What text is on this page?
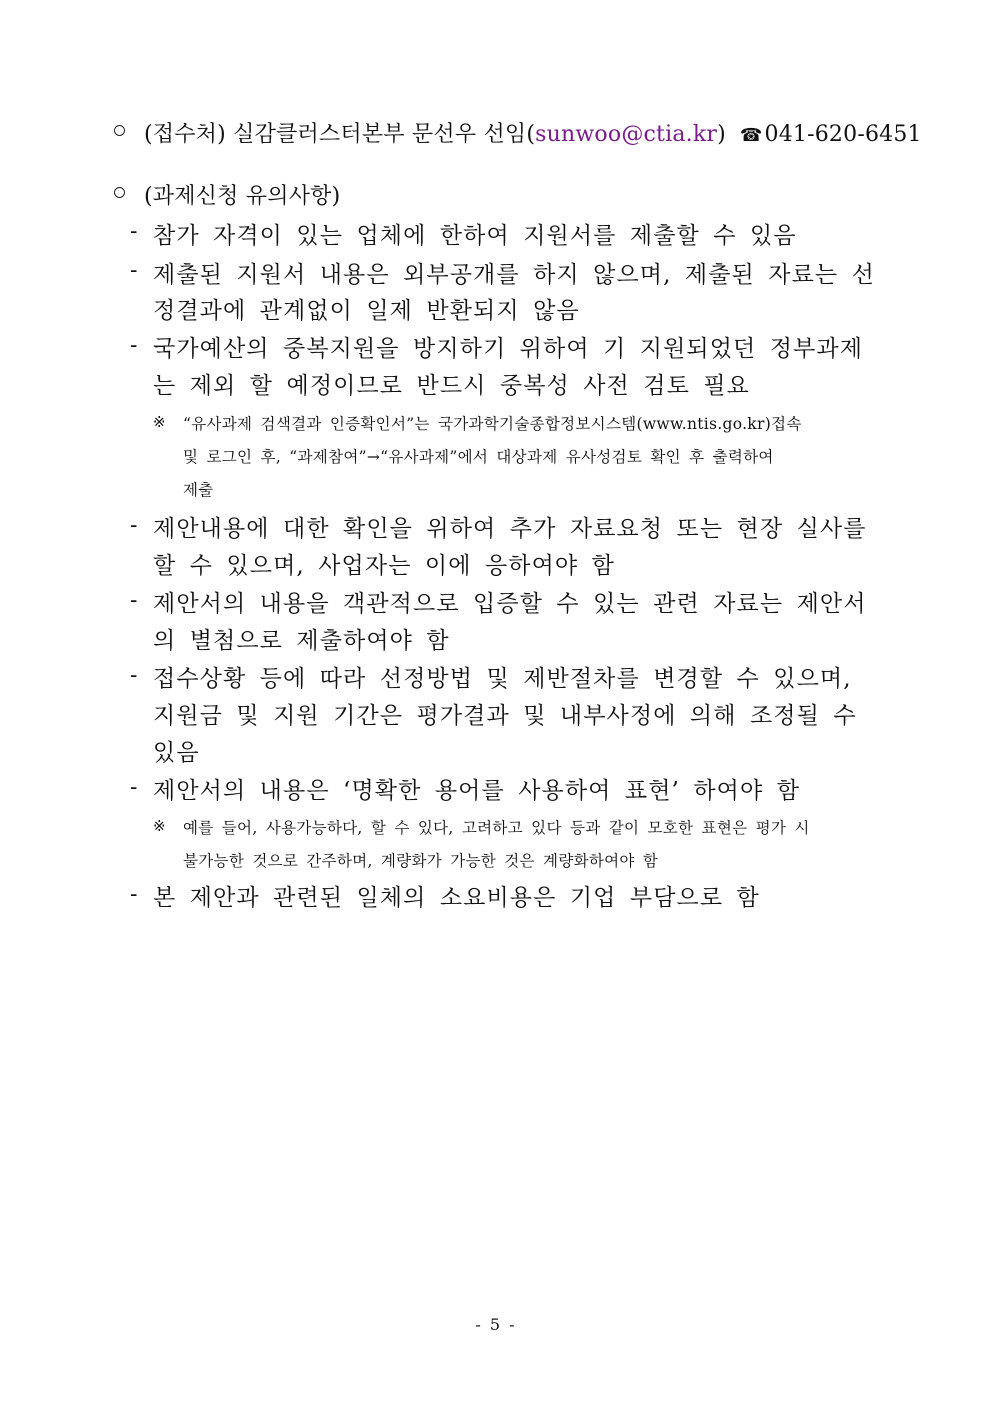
(접수처) 실감클러스터본부 문선우 선임(sunwoo@ctia.kr) ☎041-620-6451
(과제신청 유의사항)
- 참가 자격이 있는 업체에 한하여 지원서를 제출할 수 있음
- 제출된 지원서 내용은 외부공개를 하지 않으며, 제출된 자료는 선
정결과에 관계없이 일제 반환되지 않음
- 국가예산의 중복지원을 방지하기 위하여 기 지원되었던 정부과제
는 제외 할 예정이므로 반드시 중복성 사전 검토 필요
※ “유사과제 검색결과 인증확인서”는 국가과학기술종합정보시스템(www.ntis.go.kr)접속
및 로그인 후, “과제참여”→“유사과제”에서 대상과제 유사성검토 확인 후 출력하여
제출
- 제안내용에 대한 확인을 위하여 추가 자료요청 또는 현장 실사를
할 수 있으며, 사업자는 이에 응하여야 함
- 제안서의 내용을 객관적으로 입증할 수 있는 관련 자료는 제안서
의 별첨으로 제출하여야 함
- 접수상황 등에 따라 선정방법 및 제반절차를 변경할 수 있으며,
지원금 및 지원 기간은 평가결과 및 내부사정에 의해 조정될 수
있음
- 제안서의 내용은 ‘명확한 용어를 사용하여 표현’ 하여야 함
※ 예를 들어, 사용가능하다, 할 수 있다, 고려하고 있다 등과 같이 모호한 표현은 평가 시
불가능한 것으로 간주하며, 계량화가 가능한 것은 계량화하여야 함
- 본 제안과 관련된 일체의 소요비용은 기업 부담으로 함
- 5 -
